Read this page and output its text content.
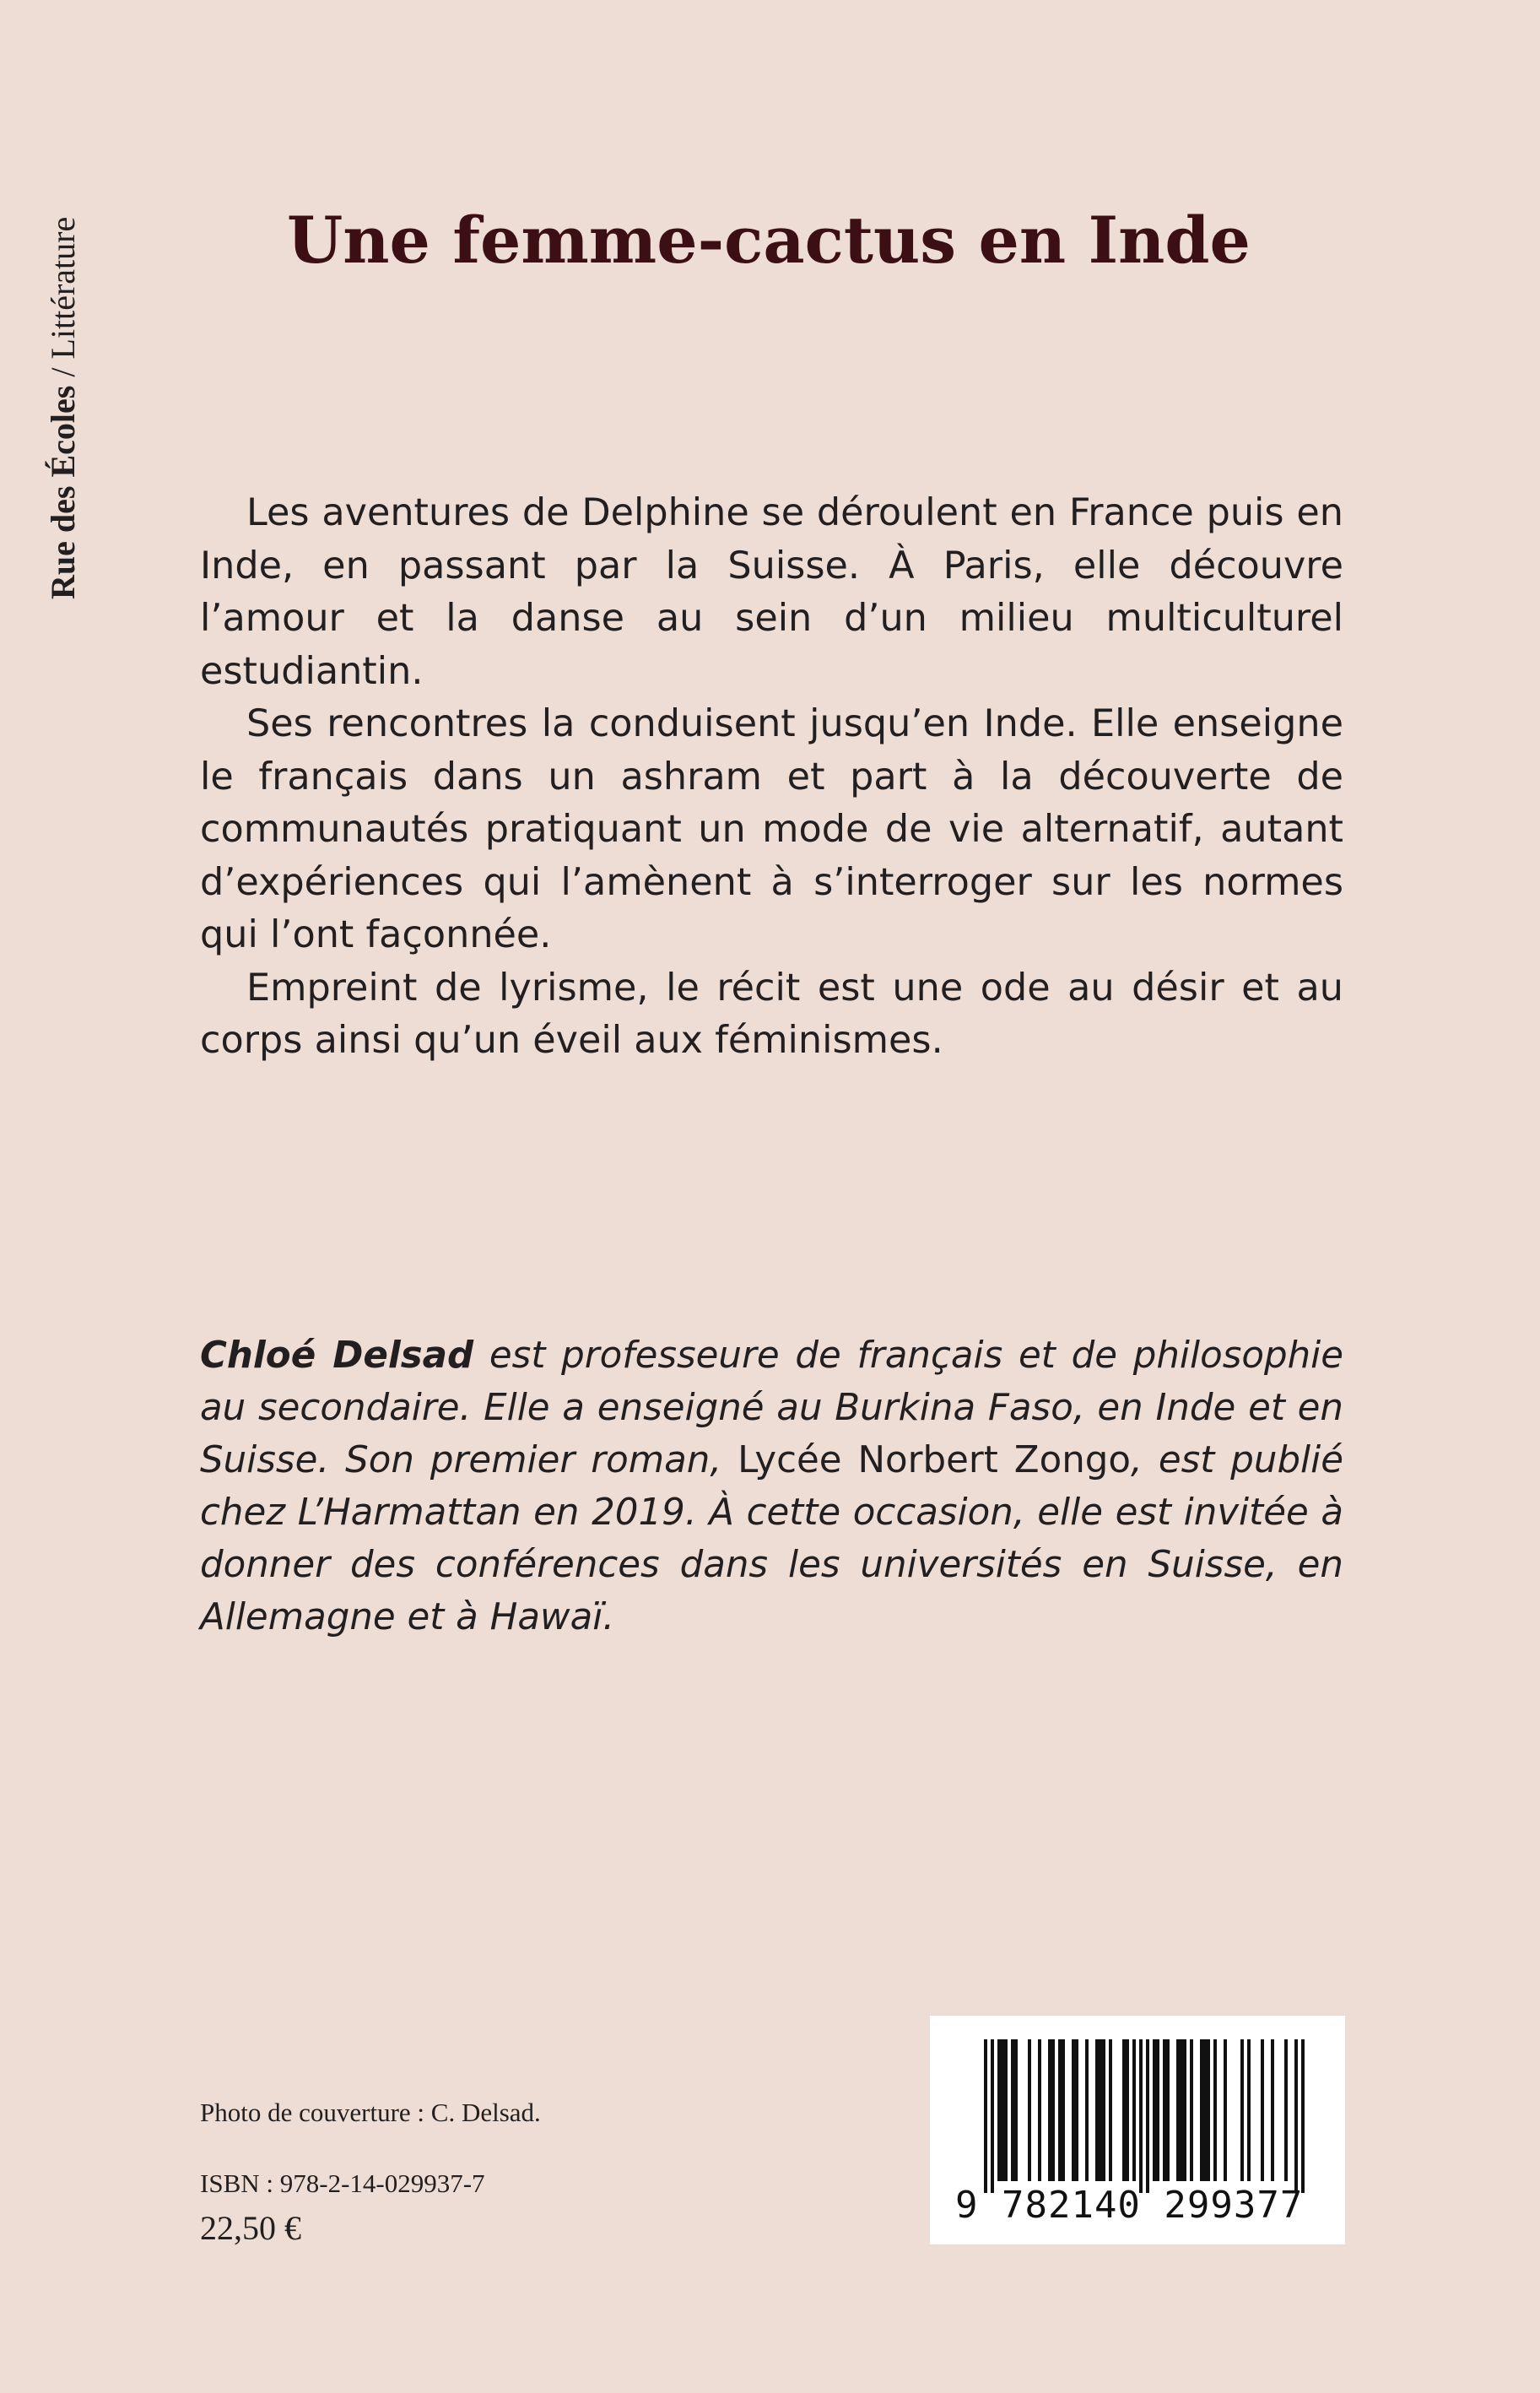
Rue des Écoles / Littérature	Une femme-cactus en Inde

Les aventures de Delphine se déroulent en France puis en Inde, en passant par la Suisse. À Paris, elle découvre l’amour et la danse au sein d’un milieu multiculturel estudiantin.

Ses rencontres la conduisent jusqu’en Inde. Elle enseigne le français dans un ashram et part à la découverte de communautés pratiquant un mode de vie alternatif, autant d’expériences qui l’amènent à s’interroger sur les normes qui l’ont façonnée.

Empreint de lyrisme, le récit est une ode au désir et au corps ainsi qu’un éveil aux féminismes.

Chloé Delsad est professeure de français et de philosophie au secondaire. Elle a enseigné au Burkina Faso, en Inde et en Suisse. Son premier roman, Lycée Norbert Zongo, est publié chez L’Harmattan en 2019. À cette occasion, elle est invitée à donner des conférences dans les universités en Suisse, en Allemagne et à Hawaï.

Photo de couverture : C. Delsad.
ISBN : 978-2-14-029937-7
22,50 €
9 782140 299377
